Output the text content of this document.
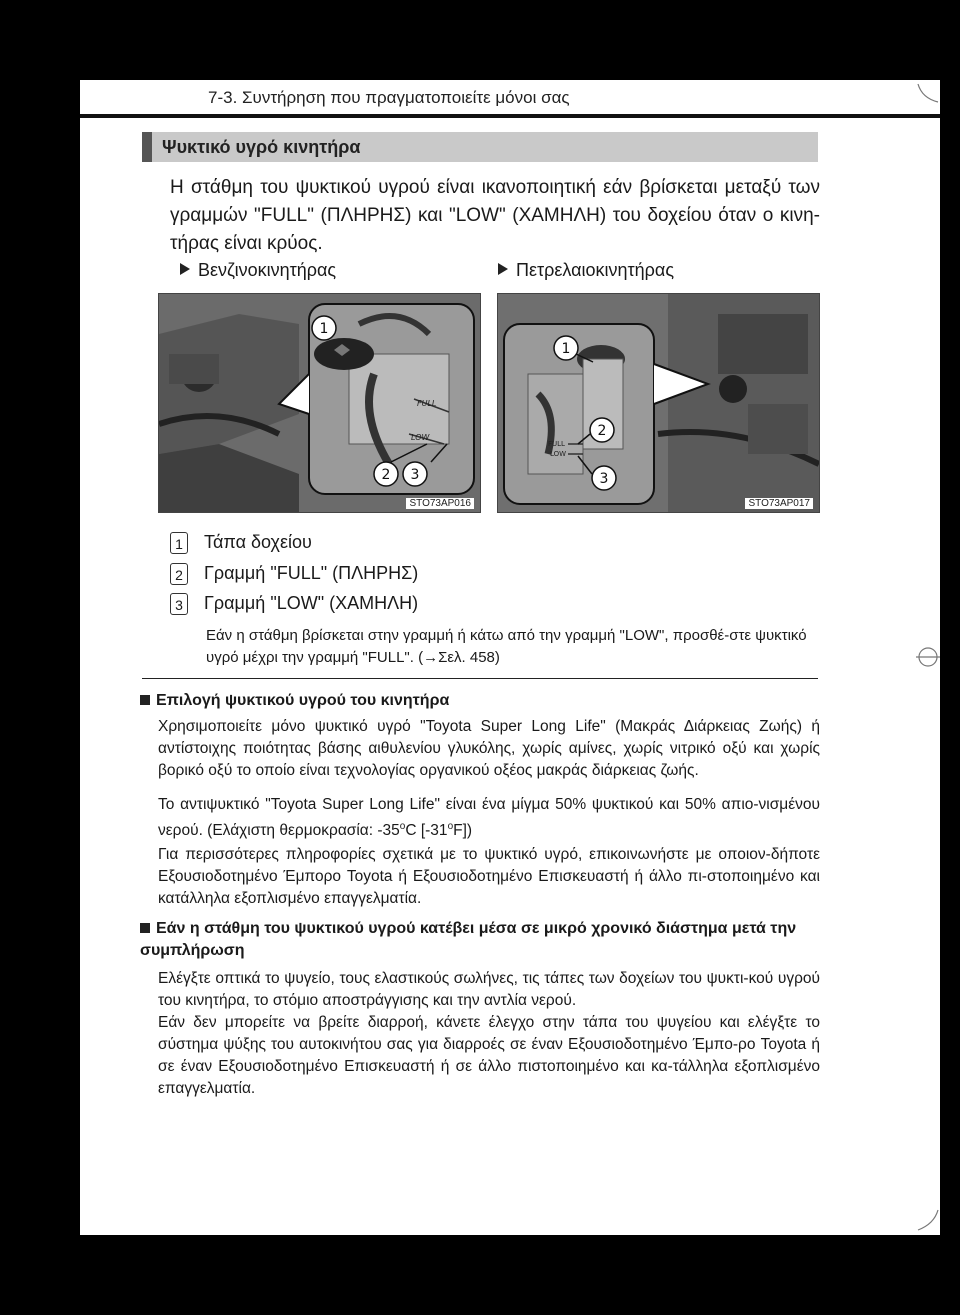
7-3. Συντήρηση που πραγματοποιείτε μόνοι σας
Ψυκτικό υγρό κινητήρα
Η στάθμη του ψυκτικού υγρού είναι ικανοποιητική εάν βρίσκεται μεταξύ των γραμμών "FULL" (ΠΛΗΡΗΣ) και "LOW" (ΧΑΜΗΛΗ) του δοχείου όταν ο κινη-τήρας είναι κρύος.
Βενζινοκινητήρας	Πετρελαιοκινητήρας
FULL
LOW
1
2 3
STO73AP016
FULL
LOW
1
2
3
STO73AP017
1 Τάπα δοχείου
2 Γραμμή "FULL" (ΠΛΗΡΗΣ)
3 Γραμμή "LOW" (ΧΑΜΗΛΗ)
Εάν η στάθμη βρίσκεται στην γραμμή ή κάτω από την γραμμή "LOW", προσθέ-στε ψυκτικό υγρό μέχρι την γραμμή "FULL". (→Σελ. 458)
Επιλογή ψυκτικού υγρού του κινητήρα
Χρησιμοποιείτε μόνο ψυκτικό υγρό "Toyota Super Long Life" (Μακράς Διάρκειας Ζωής) ή αντίστοιχης ποιότητας βάσης αιθυλενίου γλυκόλης, χωρίς αμίνες, χωρίς νιτρικό οξύ και χωρίς βορικό οξύ το οποίο είναι τεχνολογίας οργανικού οξέος μακράς διάρκειας ζωής.
Το αντιψυκτικό "Toyota Super Long Life" είναι ένα μίγμα 50% ψυκτικού και 50% απιο-νισμένου νερού. (Ελάχιστη θερμοκρασία: -35$^o$C [-31$^o$F])
Για περισσότερες πληροφορίες σχετικά με το ψυκτικό υγρό, επικοινωνήστε με οποιον-δήποτε Εξουσιοδοτημένο Έμπορο Toyota ή Εξουσιοδοτημένο Επισκευαστή ή άλλο πι-στοποιημένο και κατάλληλα εξοπλισμένο επαγγελματία.
Εάν η στάθμη του ψυκτικού υγρού κατέβει μέσα σε μικρό χρονικό διάστημα μετά την συμπλήρωση
Ελέγξτε οπτικά το ψυγείο, τους ελαστικούς σωλήνες, τις τάπες των δοχείων του ψυκτι-κού υγρού του κινητήρα, το στόμιο αποστράγγισης και την αντλία νερού.
Εάν δεν μπορείτε να βρείτε διαρροή, κάνετε έλεγχο στην τάπα του ψυγείου και ελέγξτε το σύστημα ψύξης του αυτοκινήτου σας για διαρροές σε έναν Εξουσιοδοτημένο Έμπο-ρο Toyota ή σε έναν Εξουσιοδοτημένο Επισκευαστή ή σε άλλο πιστοποιημένο και κα-τάλληλα εξοπλισμένο επαγγελματία.
